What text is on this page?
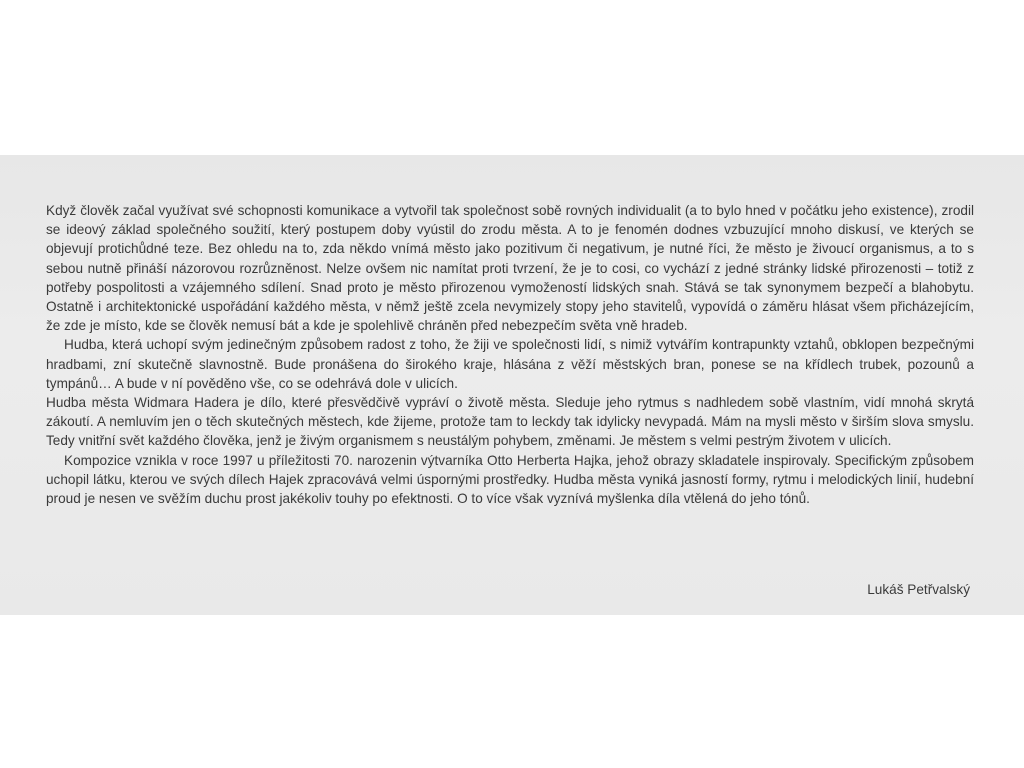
Když člověk začal využívat své schopnosti komunikace a vytvořil tak společnost sobě rovných individualit (a to bylo hned v počátku jeho existence), zrodil se ideový základ společného soužití, který postupem doby vyústil do zrodu města. A to je fenomén dodnes vzbuzující mnoho diskusí, ve kterých se objevují protichůdné teze. Bez ohledu na to, zda někdo vnímá město jako pozitivum či negativum, je nutné říci, že město je živoucí organismus, a to s sebou nutně přináší názorovou rozrůzněnost. Nelze ovšem nic namítat proti tvrzení, že je to cosi, co vychází z jedné stránky lidské přirozenosti – totiž z potřeby pospolitosti a vzájemného sdílení. Snad proto je město přirozenou vymožeností lidských snah. Stává se tak synonymem bezpečí a blahobytu. Ostatně i architektonické uspořádání každého města, v němž ještě zcela nevymizely stopy jeho stavitelů, vypovídá o záměru hlásat všem přicházejícím, že zde je místo, kde se člověk nemusí bát a kde je spolehlivě chráněn před nebezpečím světa vně hradeb.

Hudba, která uchopí svým jedinečným způsobem radost z toho, že žiji ve společnosti lidí, s nimiž vytvářím kontrapunkty vztahů, obklopen bezpečnými hradbami, zní skutečně slavnostně. Bude pronášena do širokého kraje, hlásána z věží městských bran, ponese se na křídlech trubek, pozounů a tympánů… A bude v ní pověděno vše, co se odehrává dole v ulicích.

Hudba města Widmara Hadera je dílo, které přesvědčivě vypráví o životě města. Sleduje jeho rytmus s nadhledem sobě vlastním, vidí mnohá skrytá zákoutí. A nemluvím jen o těch skutečných městech, kde žijeme, protože tam to leckdy tak idylicky nevypadá. Mám na mysli město v širším slova smyslu. Tedy vnitřní svět každého člověka, jenž je živým organismem s neustálým pohybem, změnami. Je městem s velmi pestrým životem v ulicích.

Kompozice vznikla v roce 1997 u příležitosti 70. narozenin výtvarníka Otto Herberta Hajka, jehož obrazy skladatele inspirovaly. Specifickým způsobem uchopil látku, kterou ve svých dílech Hajek zpracovává velmi úspornými prostředky. Hudba města vyniká jasností formy, rytmu i melodických linií, hudební proud je nesen ve svěžím duchu prost jakékoliv touhy po efektnosti. O to více však vyznívá myšlenka díla vtělená do jeho tónů.

Lukáš Petřvalský
